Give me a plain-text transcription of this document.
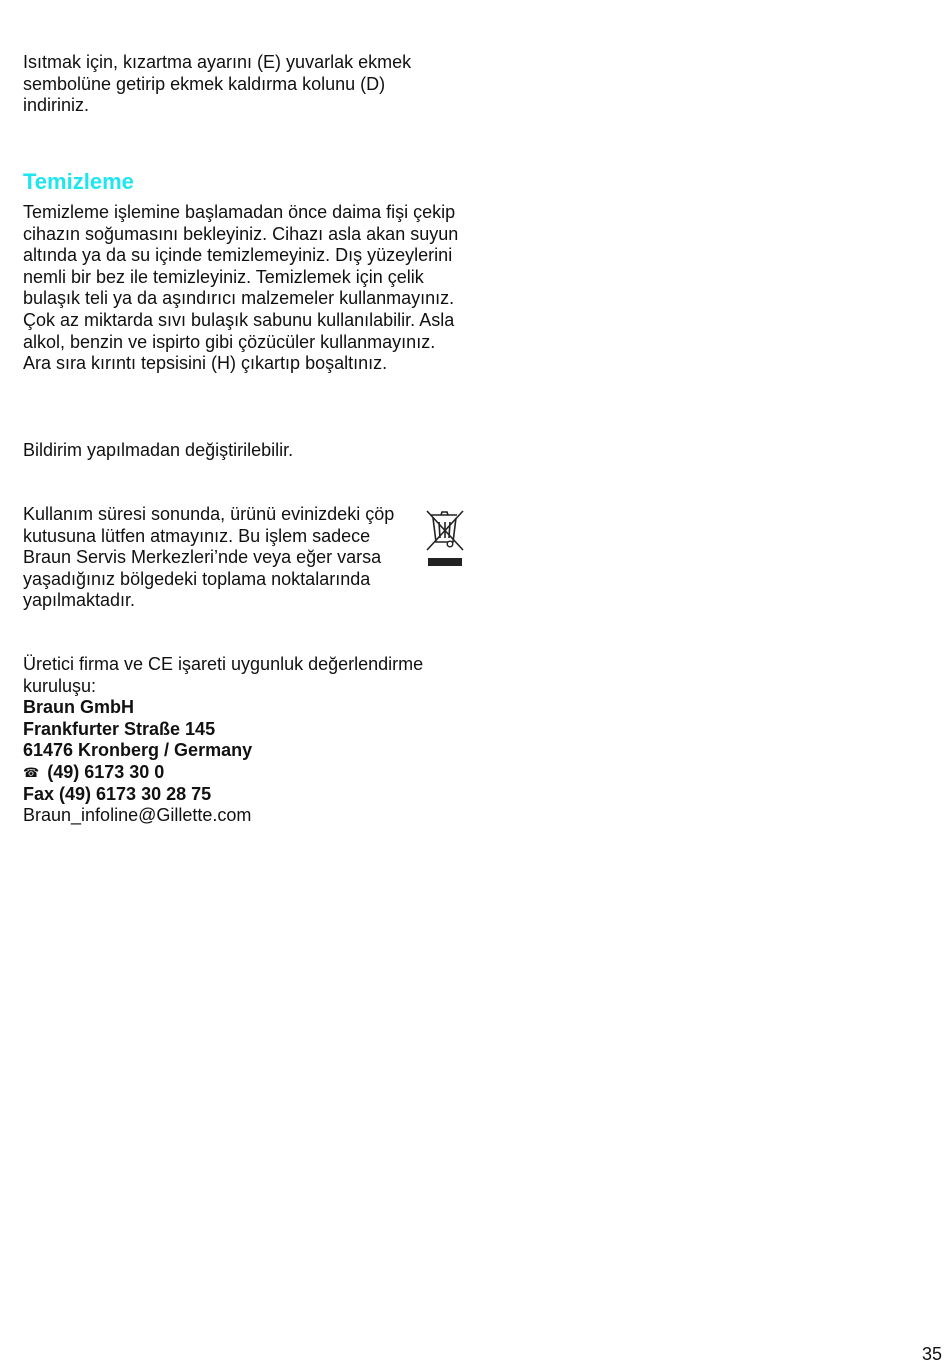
Isıtmak için, kızartma ayarını (E) yuvarlak ekmek sembolüne getirip ekmek kaldırma kolunu (D) indiriniz.

Temizleme

Temizleme işlemine başlamadan önce daima fişi çekip cihazın soğumasını bekleyiniz. Cihazı asla akan suyun altında ya da su içinde temizlemeyiniz. Dış yüzeylerini nemli bir bez ile temizleyiniz. Temizlemek için çelik bulaşık teli ya da aşındırıcı malzemeler kullanmayınız. Çok az miktarda sıvı bulaşık sabunu kullanılabilir. Asla alkol, benzin ve ispirto gibi çözücüler kullanmayınız. Ara sıra kırıntı tepsisini (H) çıkartıp boşaltınız.

Bildirim yapılmadan değiştirilebilir.

Kullanım süresi sonunda, ürünü evinizdeki çöp kutusuna lütfen atmayınız. Bu işlem sadece Braun Servis Merkezleri’nde veya eğer varsa yaşadığınız bölgedeki toplama noktalarında yapılmaktadır.

Üretici firma ve CE işareti uygunluk değerlendirme kuruluşu:

Braun GmbH
Frankfurter Straße 145
61476 Kronberg / Germany
☎ (49) 6173 30 0
Fax (49) 6173 30 28 75
Braun_infoline@Gillette.com
35
